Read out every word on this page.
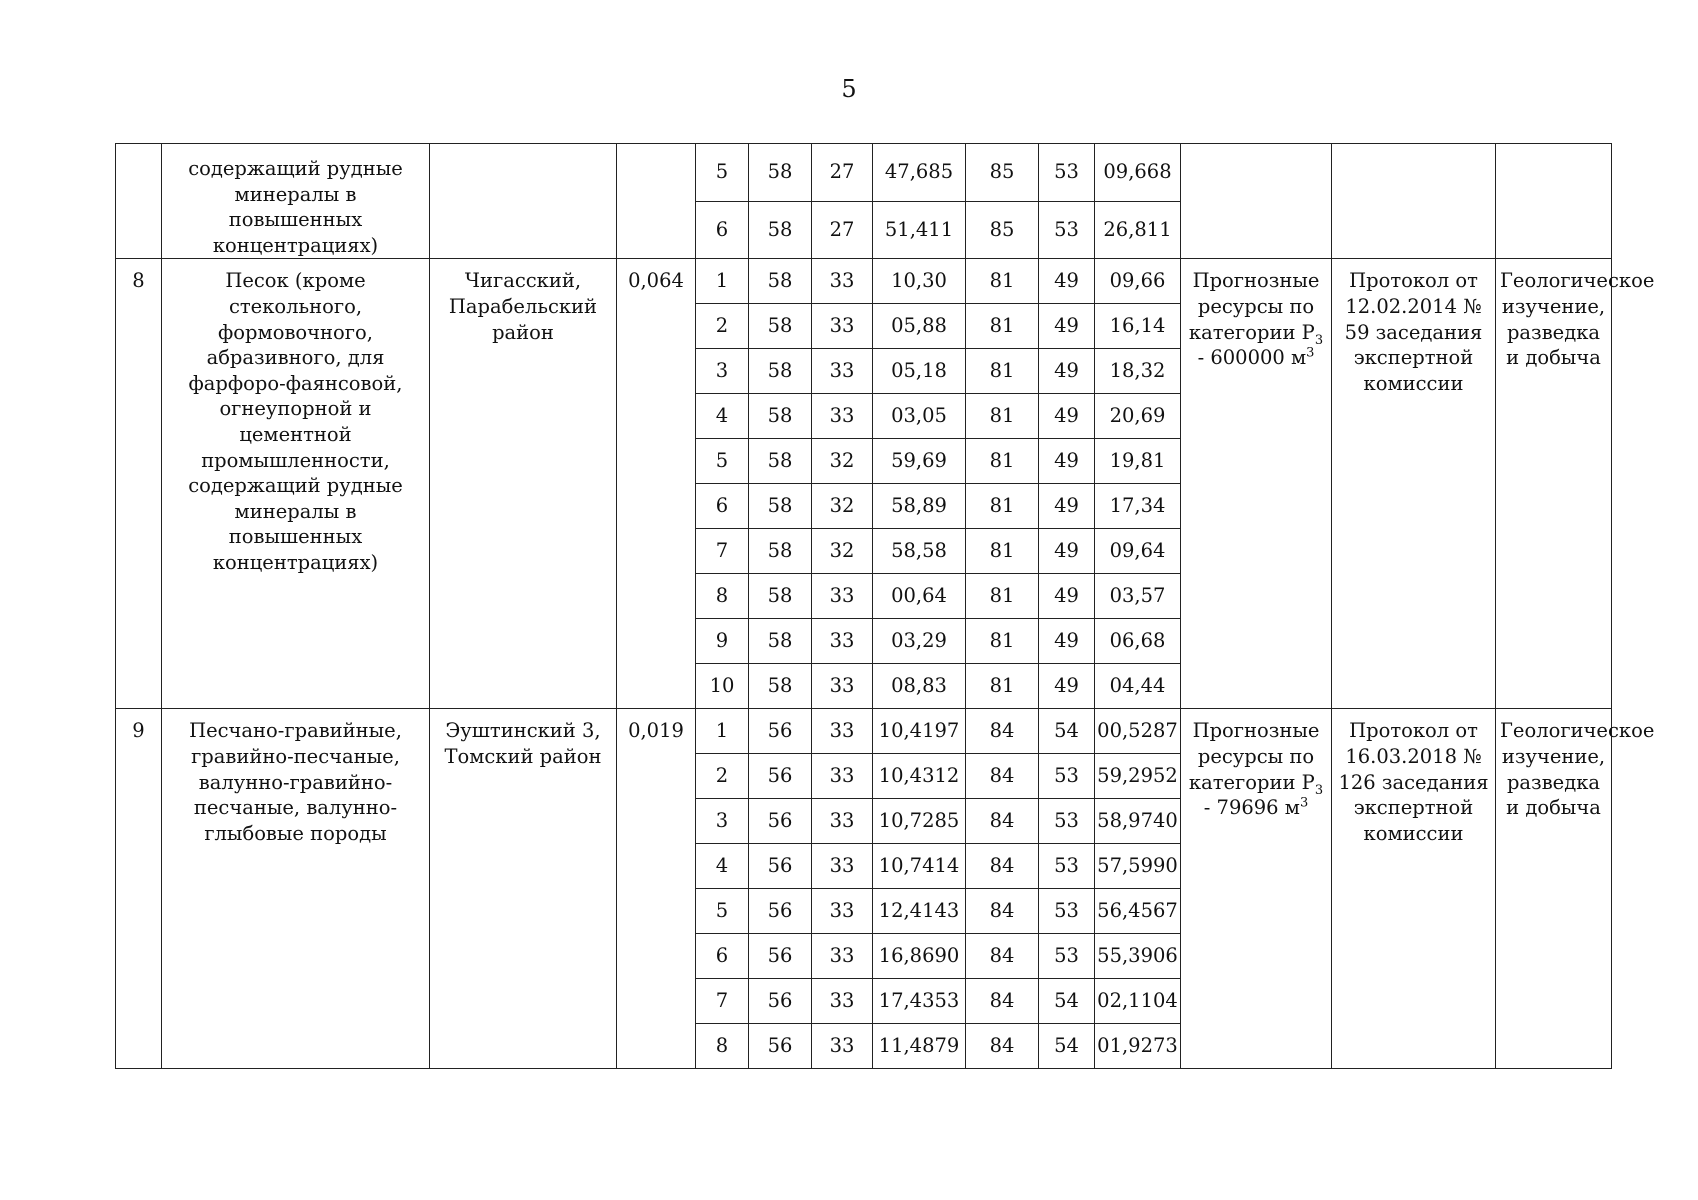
5
	содержащий рудные минералы в повышенных концентрациях)			5	58	27	47,685	85	53	09,668			
				6	58	27	51,411	85	53	26,811			
8	Песок (кроме стекольного, формовочного, абразивного, для фарфоро-фаянсовой, огнеупорной и цементной промышленности, содержащий рудные минералы в повышенных концентрациях)	Чигасский, Парабельский район	0,064	1	58	33	10,30	81	49	09,66	Прогнозные ресурсы по категории $P_3 - 600000$ $м^3$	Протокол от 12.02.2014 № 59 заседания экспертной комиссии	Геологическое изучение, разведка и добыча
				2	58	33	05,88	81	49	16,14			
				3	58	33	05,18	81	49	18,32			
				4	58	33	03,05	81	49	20,69			
				5	58	32	59,69	81	49	19,81			
				6	58	32	58,89	81	49	17,34			
				7	58	32	58,58	81	49	09,64			
				8	58	33	00,64	81	49	03,57			
				9	58	33	03,29	81	49	06,68			
				10	58	33	08,83	81	49	04,44			
9	Песчано-гравийные, гравийно-песчаные, валунно-гравийно-песчаные, валунно-глыбовые породы	Эуштинский 3, Томский район	0,019	1	56	33	10,4197	84	54	00,5287	Прогнозные ресурсы по категории $P_3 - 79696$ $м^3$	Протокол от 16.03.2018 № 126 заседания экспертной комиссии	Геологическое изучение, разведка и добыча
				2	56	33	10,4312	84	53	59,2952			
				3	56	33	10,7285	84	53	58,9740			
				4	56	33	10,7414	84	53	57,5990			
				5	56	33	12,4143	84	53	56,4567			
				6	56	33	16,8690	84	53	55,3906			
				7	56	33	17,4353	84	54	02,1104			
				8	56	33	11,4879	84	54	01,9273			
